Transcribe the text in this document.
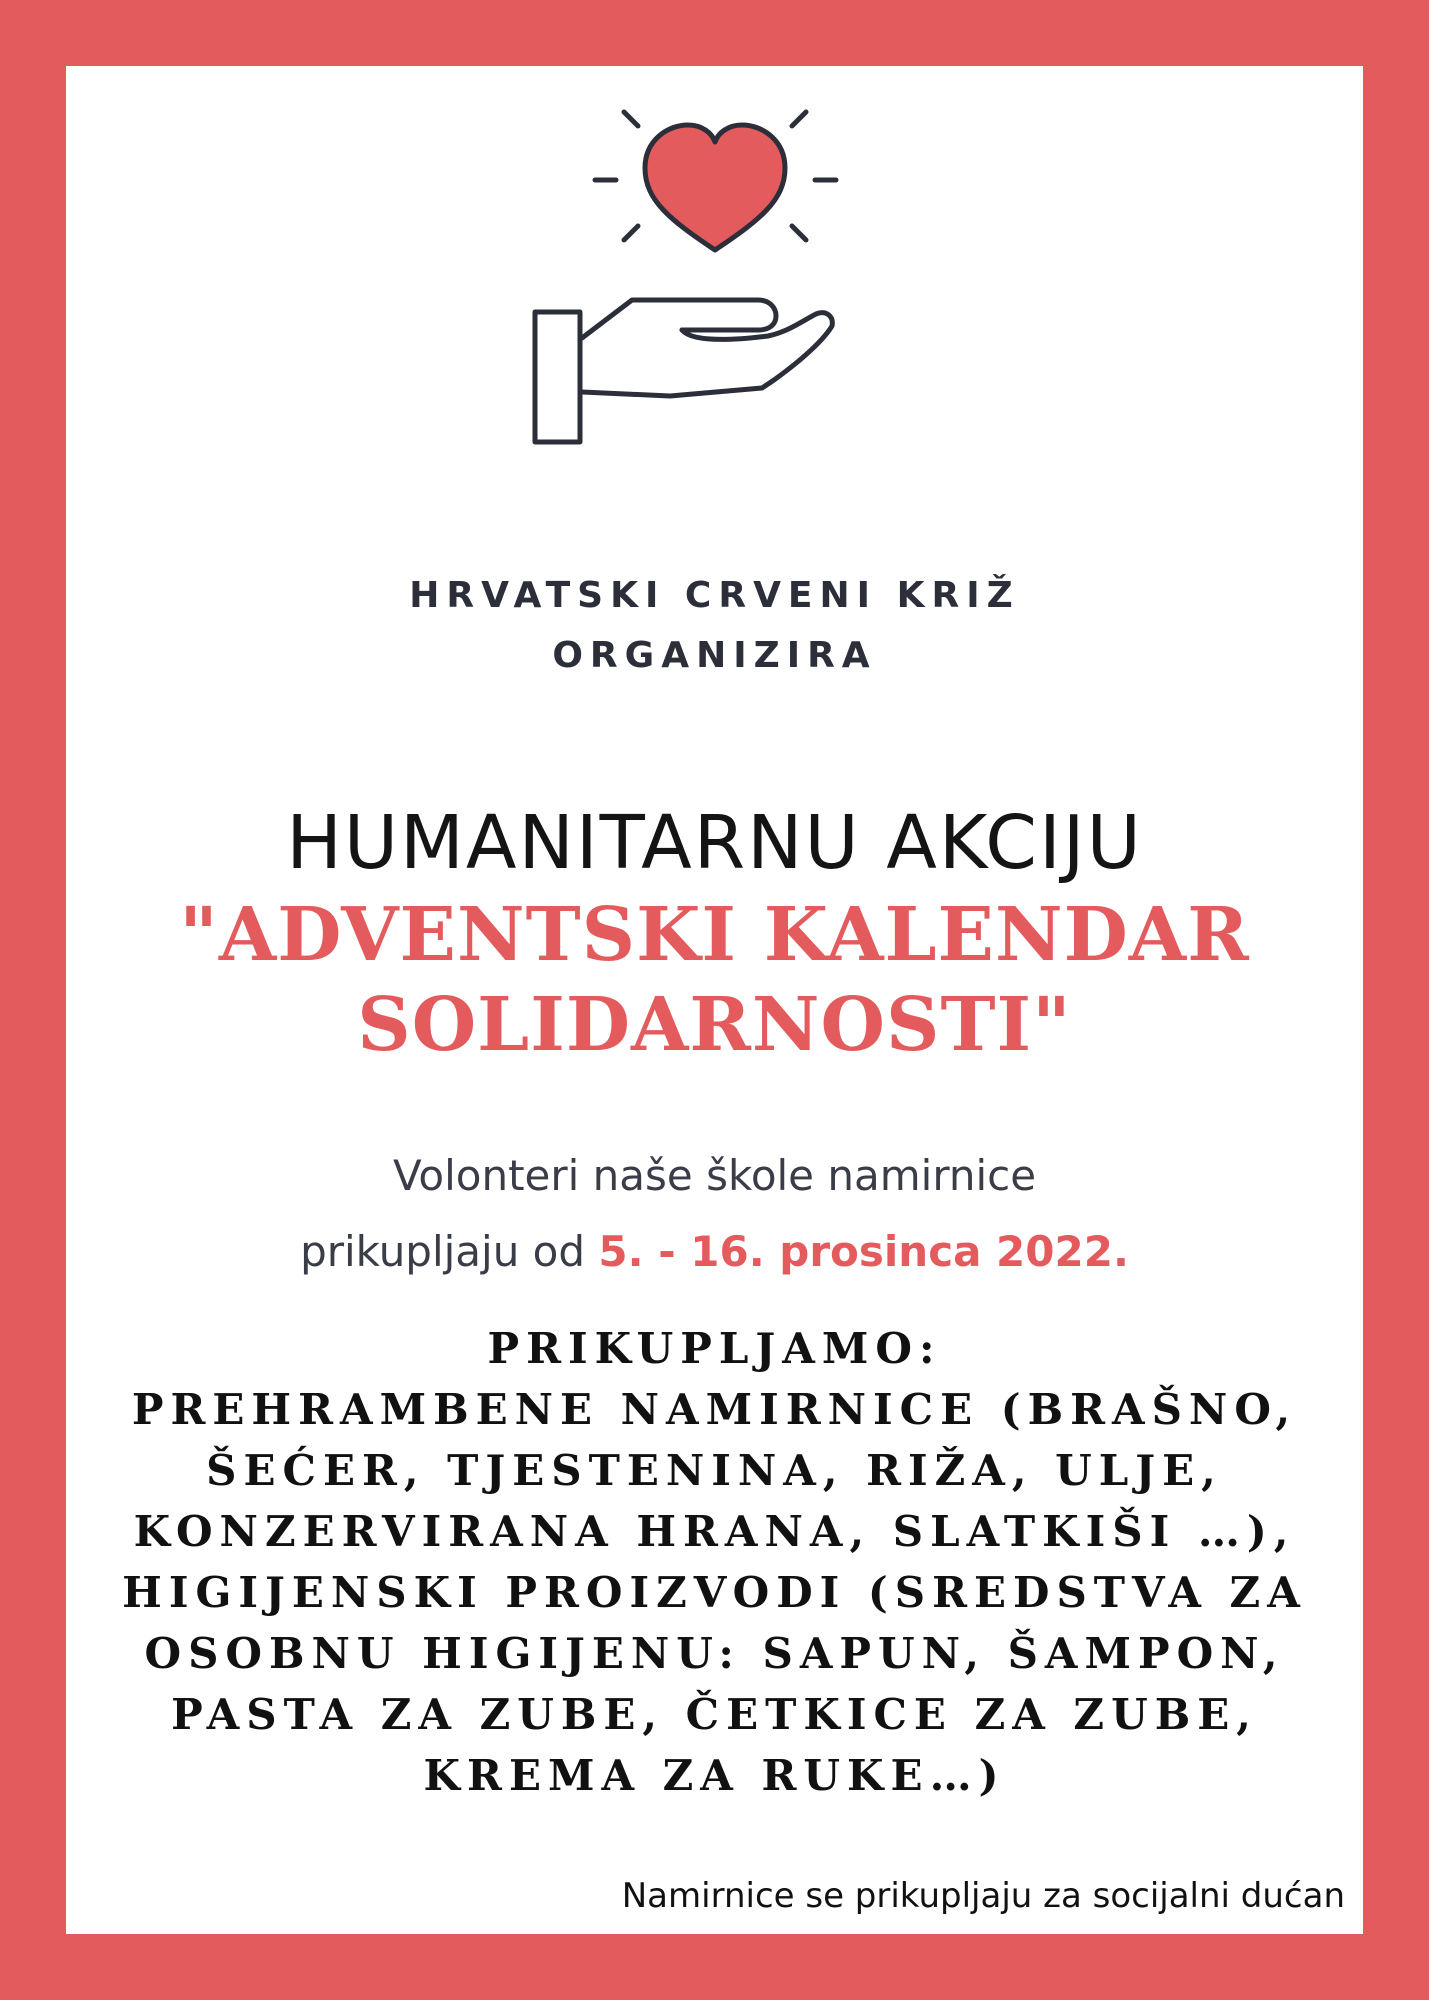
HRVATSKI CRVENI KRIŽ
ORGANIZIRA
HUMANITARNU AKCIJU
"ADVENTSKI KALENDAR
SOLIDARNOSTI"
Volonteri naše škole namirnice
prikupljaju od 5. - 16. prosinca 2022.
PRIKUPLJAMO:
PREHRAMBENE NAMIRNICE (BRAŠNO,
ŠEĆER, TJESTENINA, RIŽA, ULJE,
KONZERVIRANA HRANA, SLATKIŠI …),
HIGIJENSKI PROIZVODI (SREDSTVA ZA
OSOBNU HIGIJENU: SAPUN, ŠAMPON,
PASTA ZA ZUBE, ČETKICE ZA ZUBE,
KREMA ZA RUKE…)
Namirnice se prikupljaju za socijalni dućan
